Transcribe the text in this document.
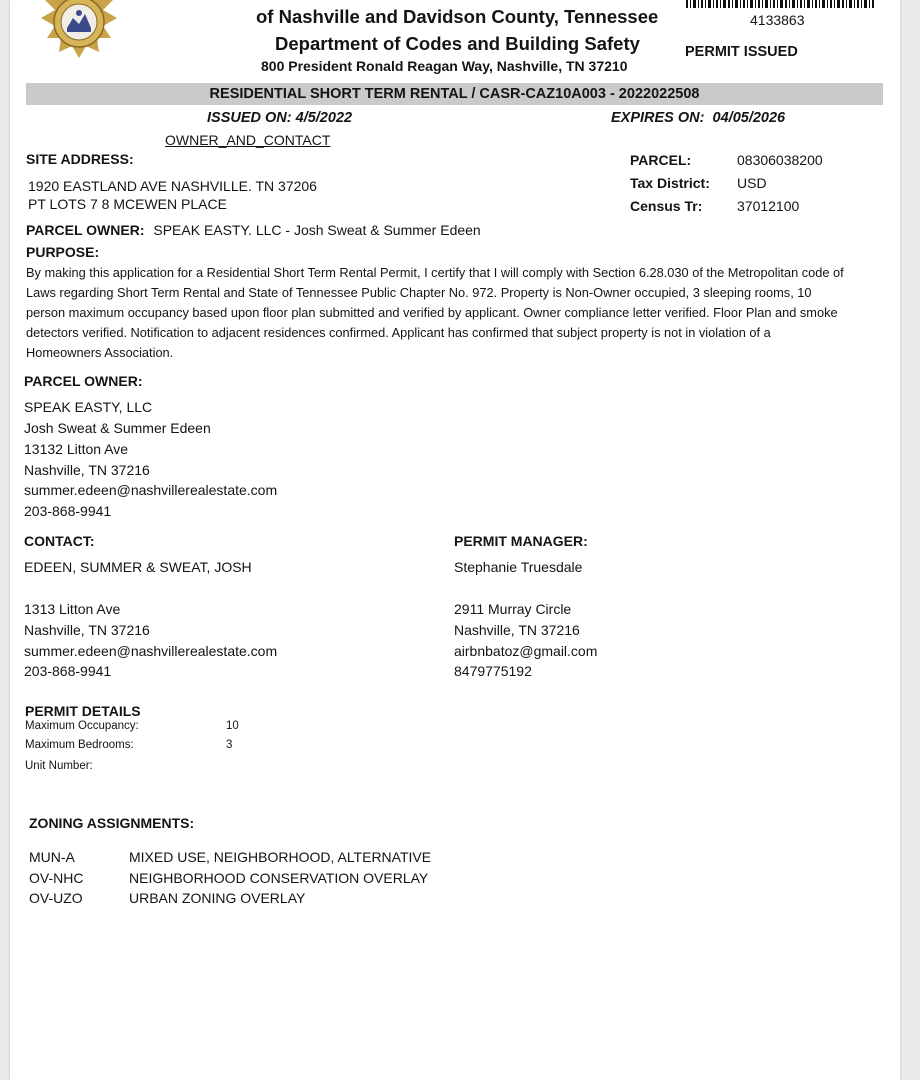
of Nashville and Davidson County, Tennessee
Department of Codes and Building Safety
800 President Ronald Reagan Way, Nashville, TN 37210
4133863
PERMIT ISSUED
RESIDENTIAL SHORT TERM RENTAL / CASR-CAZ10A003 - 2022022508
ISSUED ON: 4/5/2022	EXPIRES ON: 04/05/2026
OWNER_AND_CONTACT
SITE ADDRESS:
1920 EASTLAND AVE NASHVILLE. TN 37206
PT LOTS 7 8 MCEWEN PLACE
PARCEL:	08306038200
Tax District: USD
Census Tr: 37012100
PARCEL OWNER: SPEAK EASTY. LLC - Josh Sweat & Summer Edeen
PURPOSE:
By making this application for a Residential Short Term Rental Permit, I certify that I will comply with Section 6.28.030 of the Metropolitan code of Laws regarding Short Term Rental and State of Tennessee Public Chapter No. 972. Property is Non-Owner occupied, 3 sleeping rooms, 10 person maximum occupancy based upon floor plan submitted and verified by applicant. Owner compliance letter verified. Floor Plan and smoke detectors verified. Notification to adjacent residences confirmed. Applicant has confirmed that subject property is not in violation of a Homeowners Association.
PARCEL OWNER:
SPEAK EASTY, LLC
Josh Sweat & Summer Edeen
13132 Litton Ave
Nashville, TN 37216
summer.edeen@nashvillerealestate.com
203-868-9941
CONTACT:
EDEEN, SUMMER & SWEAT, JOSH
1313 Litton Ave
Nashville, TN 37216
summer.edeen@nashvillerealestate.com
203-868-9941
PERMIT MANAGER:
Stephanie Truesdale
2911 Murray Circle
Nashville, TN 37216
airbnbatoz@gmail.com
8479775192
PERMIT DETAILS
Maximum Occupancy:	10
Maximum Bedrooms:	3
Unit Number:
ZONING ASSIGNMENTS:
MUN-A	MIXED USE, NEIGHBORHOOD, ALTERNATIVE
OV-NHC	NEIGHBORHOOD CONSERVATION OVERLAY
OV-UZO	URBAN ZONING OVERLAY
